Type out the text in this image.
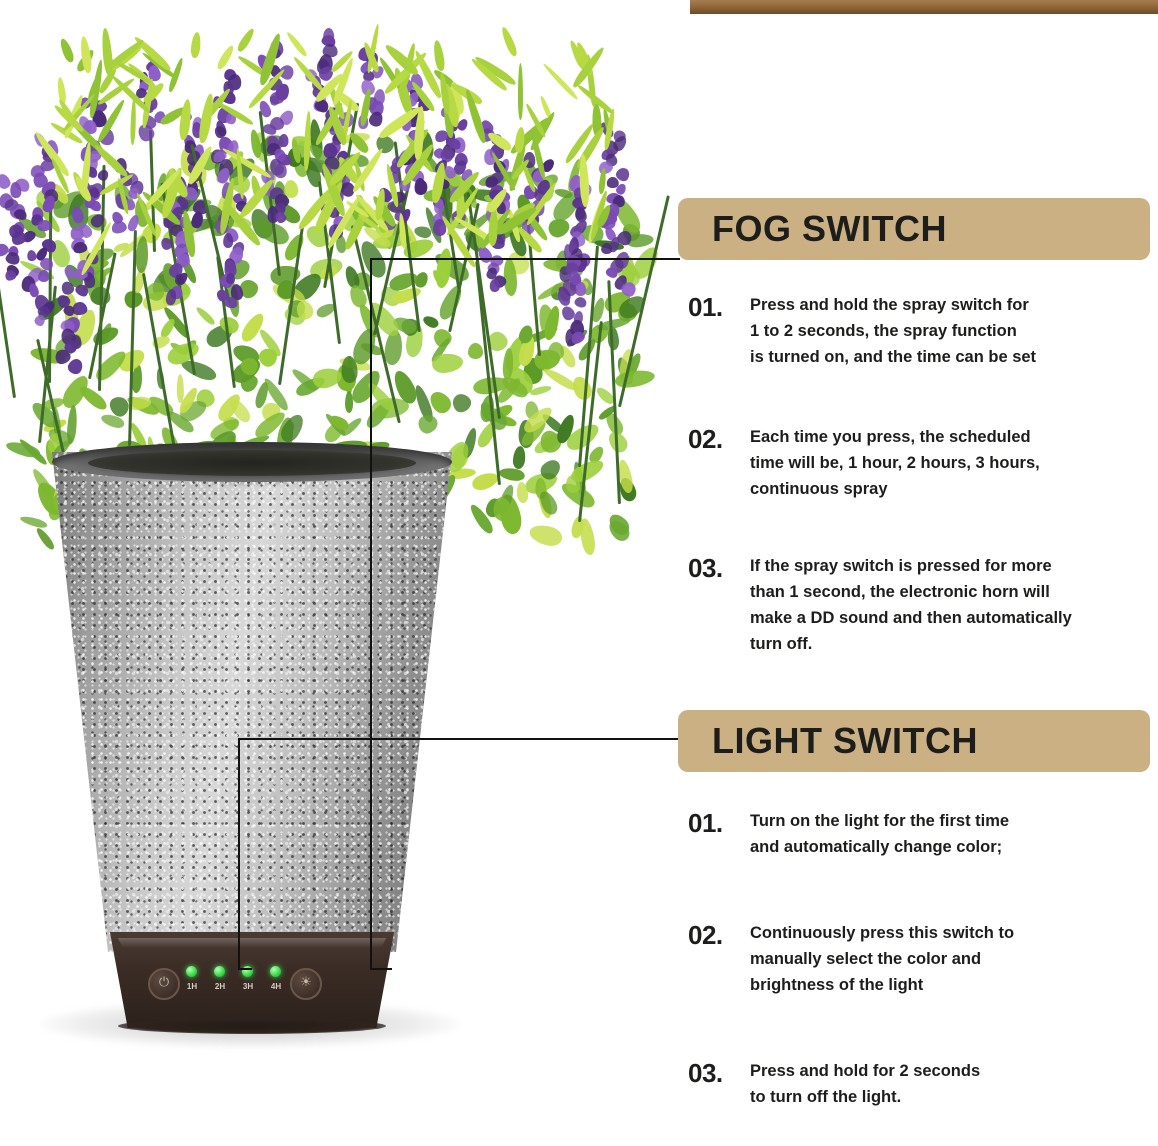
⏻	☀
1H	2H	3H	4H
FOG SWITCH
01.	Press and hold the spray switch for
1 to 2 seconds, the spray function
is turned on, and the time can be set
02.	Each time you press, the scheduled
time will be, 1 hour, 2 hours, 3 hours,
continuous spray
03.	If the spray switch is pressed for more
than 1 second, the electronic horn will
make a DD sound and then automatically
turn off.
LIGHT SWITCH
01.	Turn on the light for the first time
and automatically change color;
02.	Continuously press this switch to
manually select the color and
brightness of the light
03.	Press and hold for 2 seconds
to turn off the light.
